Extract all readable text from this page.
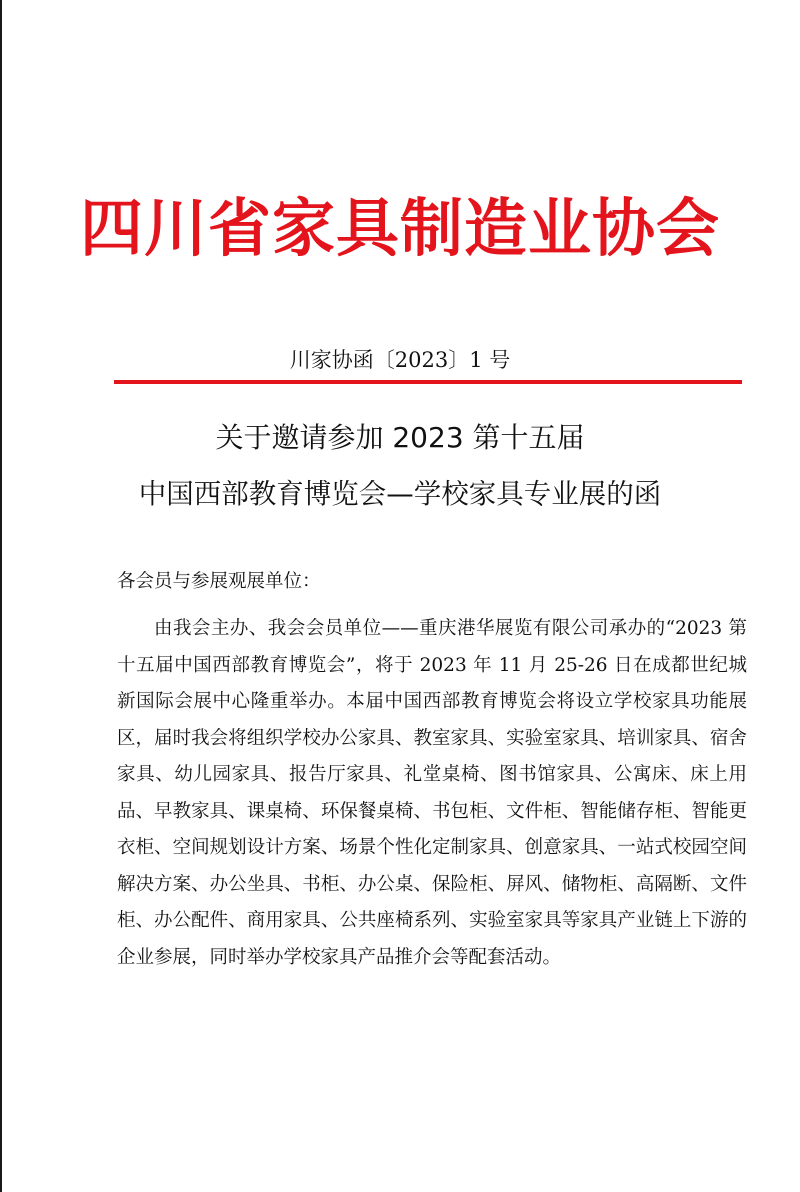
四川省家具制造业协会
川家协函〔2023〕1 号
关于邀请参加 2023 第十五届
中国西部教育博览会—学校家具专业展的函
各会员与参展观展单位：
由我会主办、我会会员单位——重庆港华展览有限公司承办的“2023 第十五届中国西部教育博览会”，将于 2023 年 11 月 25-26 日在成都世纪城新国际会展中心隆重举办。本届中国西部教育博览会将设立学校家具功能展区，届时我会将组织学校办公家具、教室家具、实验室家具、培训家具、宿舍家具、幼儿园家具、报告厅家具、礼堂桌椅、图书馆家具、公寓床、床上用品、早教家具、课桌椅、环保餐桌椅、书包柜、文件柜、智能储存柜、智能更衣柜、空间规划设计方案、场景个性化定制家具、创意家具、一站式校园空间解决方案、办公坐具、书柜、办公桌、保险柜、屏风、储物柜、高隔断、文件柜、办公配件、商用家具、公共座椅系列、实验室家具等家具产业链上下游的企业参展，同时举办学校家具产品推介会等配套活动。
